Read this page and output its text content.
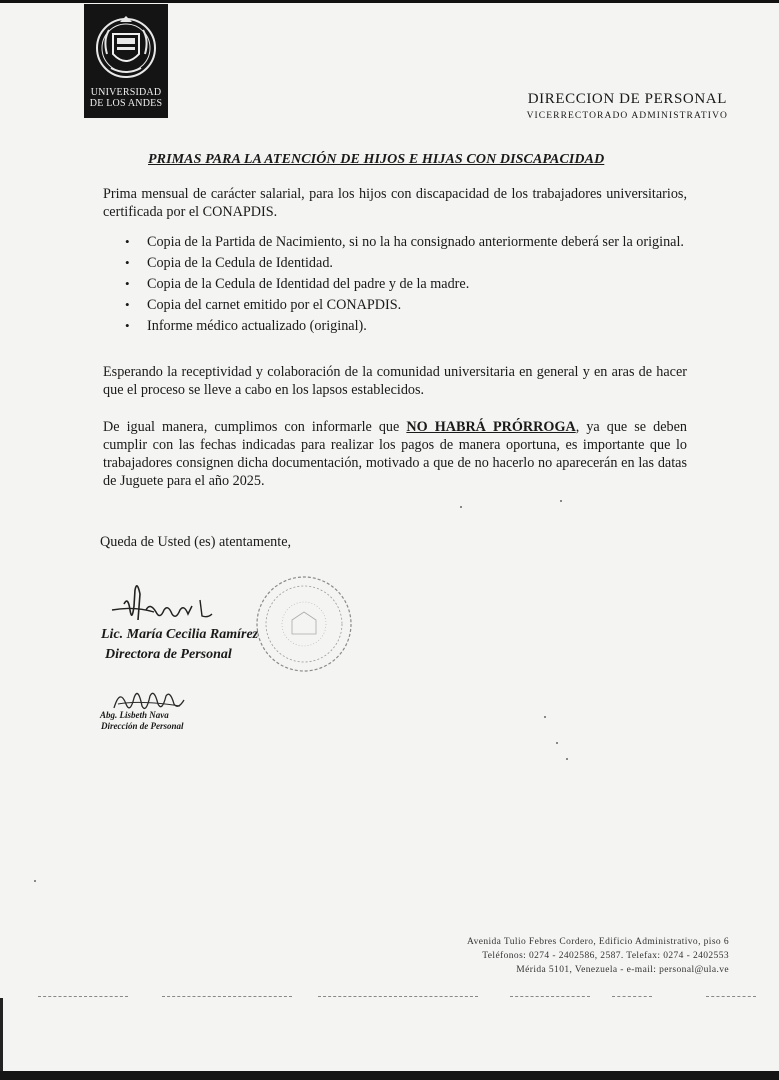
UNIVERSIDAD
DE LOS ANDES	DIRECCION DE PERSONAL
VICERRECTORADO ADMINISTRATIVO
PRIMAS PARA LA ATENCIÓN DE HIJOS E HIJAS CON DISCAPACIDAD
Prima mensual de carácter salarial, para los hijos con discapacidad de los trabajadores universitarios, certificada por el CONAPDIS.
• Copia de la Partida de Nacimiento, si no la ha consignado anteriormente deberá ser la original.
• Copia de la Cedula de Identidad.
• Copia de la Cedula de Identidad del padre y de la madre.
• Copia del carnet emitido por el CONAPDIS.
• Informe médico actualizado (original).
Esperando la receptividad y colaboración de la comunidad universitaria en general y en aras de hacer que el proceso se lleve a cabo en los lapsos establecidos.
De igual manera, cumplimos con informarle que NO HABRÁ PRÓRROGA, ya que se deben cumplir con las fechas indicadas para realizar los pagos de manera oportuna, es importante que lo trabajadores consignen dicha documentación, motivado a que de no hacerlo no aparecerán en las datas de Juguete para el año 2025.
Queda de Usted (es) atentamente,
Lic. María Cecilia Ramírez
Directora de Personal
Abg. Lisbeth Nava
Dirección de Personal
Avenida Tulio Febres Cordero, Edificio Administrativo, piso 6
Teléfonos: 0274 - 2402586, 2587. Telefax: 0274 - 2402553
Mérida 5101, Venezuela - e-mail: personal@ula.ve
